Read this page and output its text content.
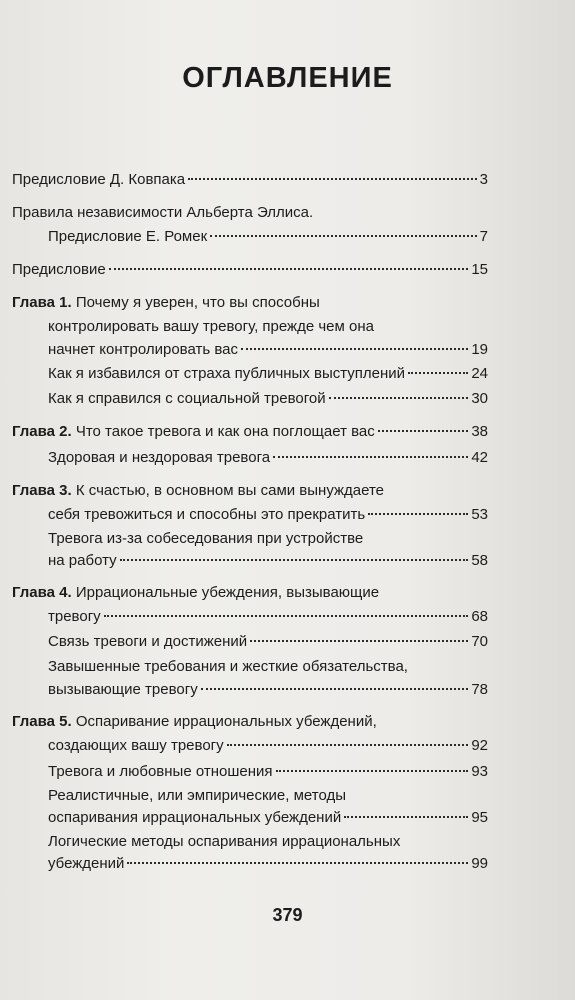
ОГЛАВЛЕНИЕ
Предисловие Д. Ковпака	3
Правила независимости Альберта Эллиса.
Предисловие Е. Ромек	7
Предисловие	15
Глава 1. Почему я уверен, что вы способны
контролировать вашу тревогу, прежде чем она
начнет контролировать вас	19
Как я избавился от страха публичных выступлений	24
Как я справился с социальной тревогой	30
Глава 2. Что такое тревога и как она поглощает вас	38
Здоровая и нездоровая тревога	42
Глава 3. К счастью, в основном вы сами вынуждаете
себя тревожиться и способны это прекратить	53
Тревога из-за собеседования при устройстве
на работу	58
Глава 4. Иррациональные убеждения, вызывающие
тревогу	68
Связь тревоги и достижений	70
Завышенные требования и жесткие обязательства,
вызывающие тревогу	78
Глава 5. Оспаривание иррациональных убеждений,
создающих вашу тревогу	92
Тревога и любовные отношения	93
Реалистичные, или эмпирические, методы
оспаривания иррациональных убеждений	95
Логические методы оспаривания иррациональных
убеждений	99
379
